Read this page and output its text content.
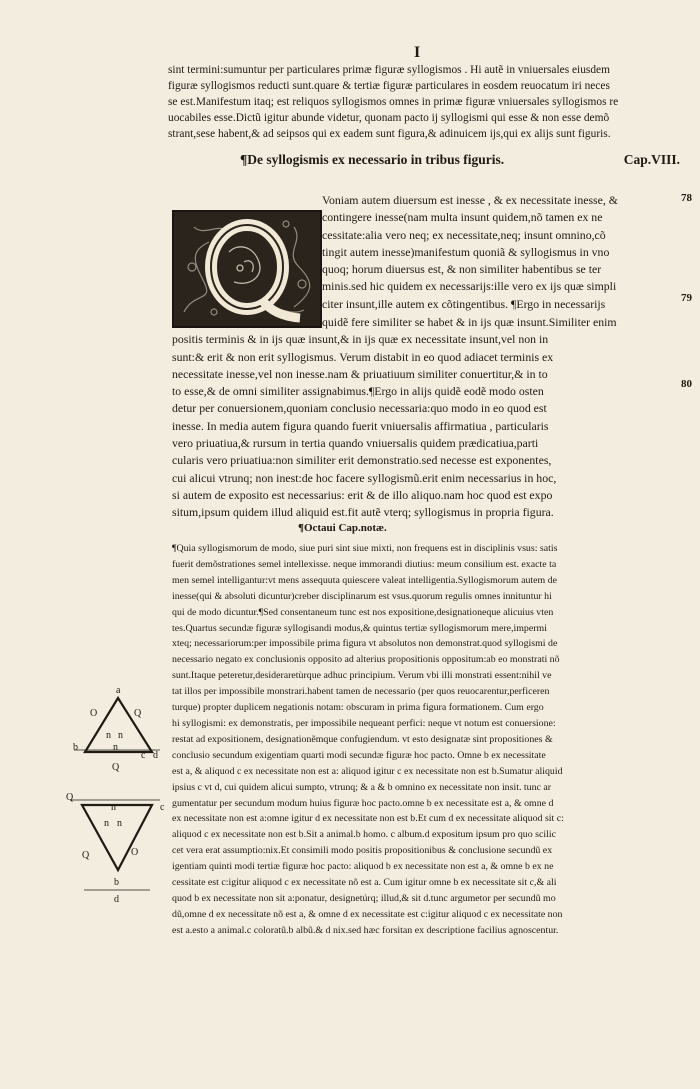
I
sint termini:sumuntur per particulares primæ figuræ syllogismos . Hi autẽ in vniuersales eiusdem
figuræ syllogismos reducti sunt.quare & tertiæ figuræ particulares in eosdem reuocatum iri neces
se est.Manifestum itaq; est reliquos syllogismos omnes in primæ figuræ vniuersales syllogismos re
uocabiles esse.Dictũ igitur abunde videtur, quonam pacto ij syllogismi qui esse & non esse demõ
strant,sese habent,& ad seipsos qui ex eadem sunt figura,& adinuicem ijs,qui ex alijs sunt figuris.
¶De syllogismis ex necessario in tribus figuris.	Cap.VIII.
Voniam autem diuersum est inesse , & ex necessitate inesse, &
contingere inesse(nam multa insunt quidem,nõ tamen ex ne
cessitate:alia vero neq; ex necessitate,neq; insunt omnino,cõ
tingit autem inesse)manifestum quoniã & syllogismus in vno
quoq; horum diuersus est, & non similiter habentibus se ter
minis.sed hic quidem ex necessarijs:ille vero ex ijs quæ simpli
citer insunt,ille autem ex cõtingentibus. ¶Ergo in necessarijs
quidẽ fere similiter se habet & in ijs quæ insunt.Similiter enim
positis terminis & in ijs quæ insunt,& in ijs quæ ex necessitate insunt,vel non in
sunt:& erit & non erit syllogismus. Verum distabit in eo quod adiacet terminis ex
necessitate inesse,vel non inesse.nam & priuatiuum similiter conuertitur,& in to
to esse,& de omni similiter assignabimus.¶Ergo in alijs quidẽ eodẽ modo osten
detur per conuersionem,quoniam conclusio necessaria:quo modo in eo quod est
inesse. In media autem figura quando fuerit vniuersalis affirmatiua , particularis
vero priuatiua,& rursum in tertia quando vniuersalis quidem prædicatiua,parti
cularis vero priuatiua:non similiter erit demonstratio.sed necesse est exponentes,
cui alicui vtrunq; non inest:de hoc facere syllogismũ.erit enim necessarius in hoc,
si autem de exposito est necessarius: erit & de illo aliquo.nam hoc quod est expo
situm,ipsum quidem illud aliquid est.fit autẽ vterq; syllogismus in propria figura.
78
79
80
¶Octaui Cap.notæ.
¶Quia syllogismorum de modo, siue puri sint siue mixti, non frequens est in disciplinis vsus: satis
fuerit demõstrationes semel intellexisse. neque immorandi diutius: meum consilium est. exacte ta
men semel intelligantur:vt mens assequuta quiescere valeat intelligentia.Syllogismorum autem de
inesse(qui & absoluti dicuntur)creber disciplinarum est vsus.quorum regulis omnes innituntur hi
qui de modo dicuntur.¶Sed consentaneum tunc est nos expositione,designationeque alicuius vten
tes.Quartus secundæ figuræ syllogisandi modus,& quintus tertiæ syllogismorum mere,impermi
xteq; necessariorum:per impossibile prima figura vt absolutos non demonstrat.quod syllogismi de
necessario negato ex conclusionis opposito ad alterius propositionis oppositum:ab eo monstrati nõ
sunt.Itaque peteretur,desideraretùrque adhuc principium. Verum vbi illi monstrati essent:nihil ve
tat illos per impossibile monstrari.habent tamen de necessario (per quos reuocarentur,perficeren
turque) propter duplicem negationis notam: obscuram in prima figura formationem. Cum ergo
hi syllogismi: ex demonstratis, per impossibile nequeant perfici: neque vt notum est conuersione:
restat ad expositionem, designationẽmque confugiendum. vt esto designatæ sint propositiones &
conclusio secundum exigentiam quarti modi secundæ figuræ hoc pacto. Omne b ex necessitate
est a, & aliquod c ex necessitate non est a: aliquod igitur c ex necessitate non est b.Sumatur aliquid
ipsius c vt d, cui quidem alicui sumpto, vtrunq; & a & b omnino ex necessitate non insit. tunc ar
gumentatur per secundum modum huius figuræ hoc pacto.omne b ex necessitate est a, & omne d
ex necessitate non est a:omne igitur d ex necessitate non est b.Et cum d ex necessitate aliquod sit c:
aliquod c ex necessitate non est b.Sit a animal.b homo. c album.d expositum ipsum pro quo scilic
cet vera erat assumptio:nix.Et consimili modo positis propositionibus & conclusione secundũ ex
igentiam quinti modi tertiæ figuræ hoc pacto: aliquod b ex necessitate non est a, & omne b ex ne
cessitate est c:igitur aliquod c ex necessitate nõ est a. Cum igitur omne b ex necessitate sit c,& ali
quod b ex necessitate non sit a:ponatur, designetúrq; illud,& sit d.tunc argumetor per secundũ mo
dũ,omne d ex necessitate nõ est a, & omne d ex necessitate est c:igitur aliquod c ex necessitate non
est a.esto a animal.c coloratũ.b albũ.& d nix.sed hæc forsitan ex descriptione facilius agnoscentur.
a
O	Q
n n
n
b
c d
Q
Q
c
n
n n
O
Q
b
d
